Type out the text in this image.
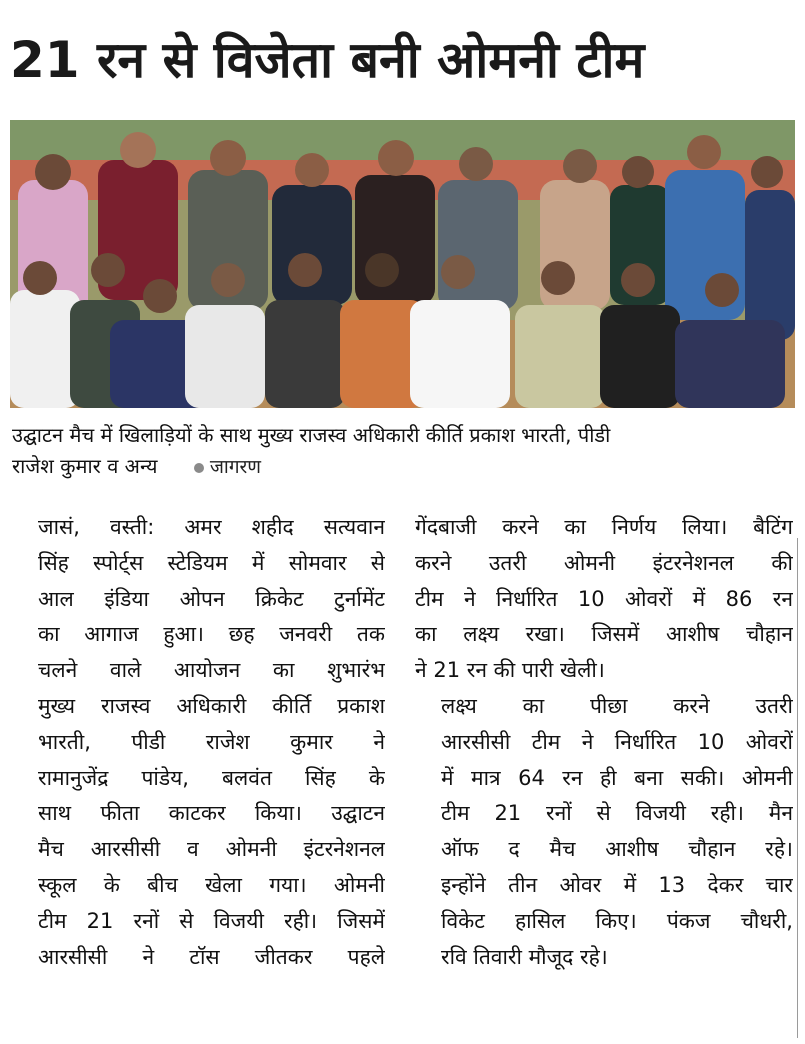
21 रन से विजेता बनी ओमनी टीम
उद्घाटन मैच में खिलाड़ियों के साथ मुख्य राजस्व अधिकारी कीर्ति प्रकाश भारती, पीडी
राजेश कुमार व अन्य	जागरण

जासं, वस्ती: अमर शहीद सत्यवान
सिंह स्पोर्ट्स स्टेडियम में सोमवार से
आल इंडिया ओपन क्रिकेट टुर्नामेंट
का आगाज हुआ। छह जनवरी तक
चलने वाले आयोजन का शुभारंभ
मुख्य राजस्व अधिकारी कीर्ति प्रकाश
भारती, पीडी राजेश कुमार ने
रामानुजेंद्र पांडेय, बलवंत सिंह के
साथ फीता काटकर किया। उद्घाटन
मैच आरसीसी व ओमनी इंटरनेशनल
स्कूल के बीच खेला गया। ओमनी
टीम 21 रनों से विजयी रही। जिसमें
आरसीसी ने टॉस जीतकर पहले

गेंदबाजी करने का निर्णय लिया। बैटिंग
करने उतरी ओमनी इंटरनेशनल की
टीम ने निर्धारित 10 ओवरों में 86 रन
का लक्ष्य रखा। जिसमें आशीष चौहान
ने 21 रन की पारी खेली।

लक्ष्य का पीछा करने उतरी
आरसीसी टीम ने निर्धारित 10 ओवरों
में मात्र 64 रन ही बना सकी। ओमनी
टीम 21 रनों से विजयी रही। मैन
ऑफ द मैच आशीष चौहान रहे।
इन्होंने तीन ओवर में 13 देकर चार
विकेट हासिल किए। पंकज चौधरी,
रवि तिवारी मौजूद रहे।
